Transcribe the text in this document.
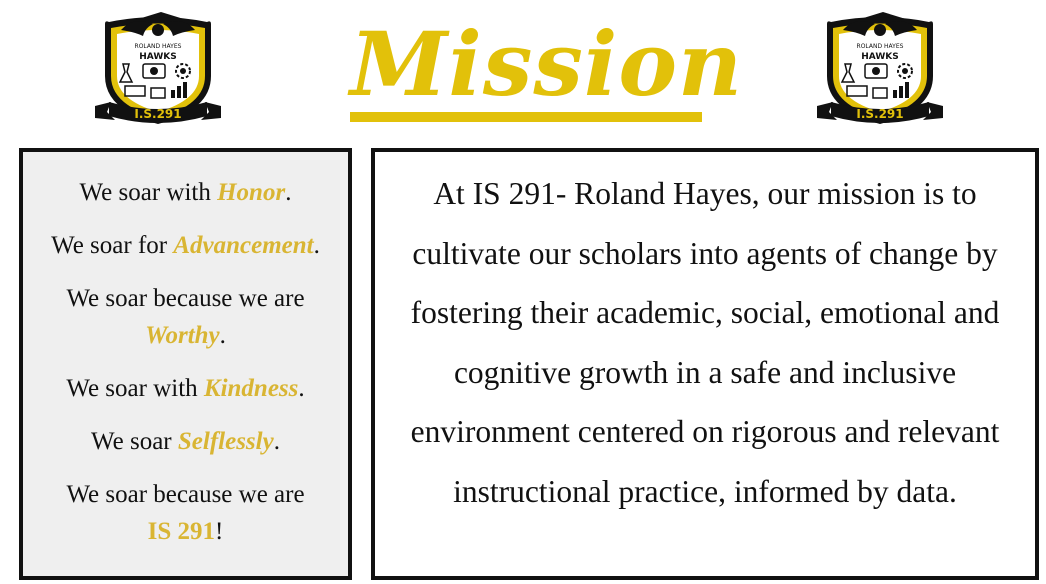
ROLAND HAYES
HAWKS
I.S.291 Mission	ROLAND HAYES
HAWKS
I.S.291

We soar with Honor.

We soar for Advancement.

We soar because we are
Worthy.

We soar with Kindness.

We soar Selflessly.

We soar because we are
IS 291!

At IS 291- Roland Hayes, our mission is to cultivate our scholars into agents of change by fostering their academic, social, emotional and cognitive growth in a safe and inclusive environment centered on rigorous and relevant instructional practice, informed by data.
